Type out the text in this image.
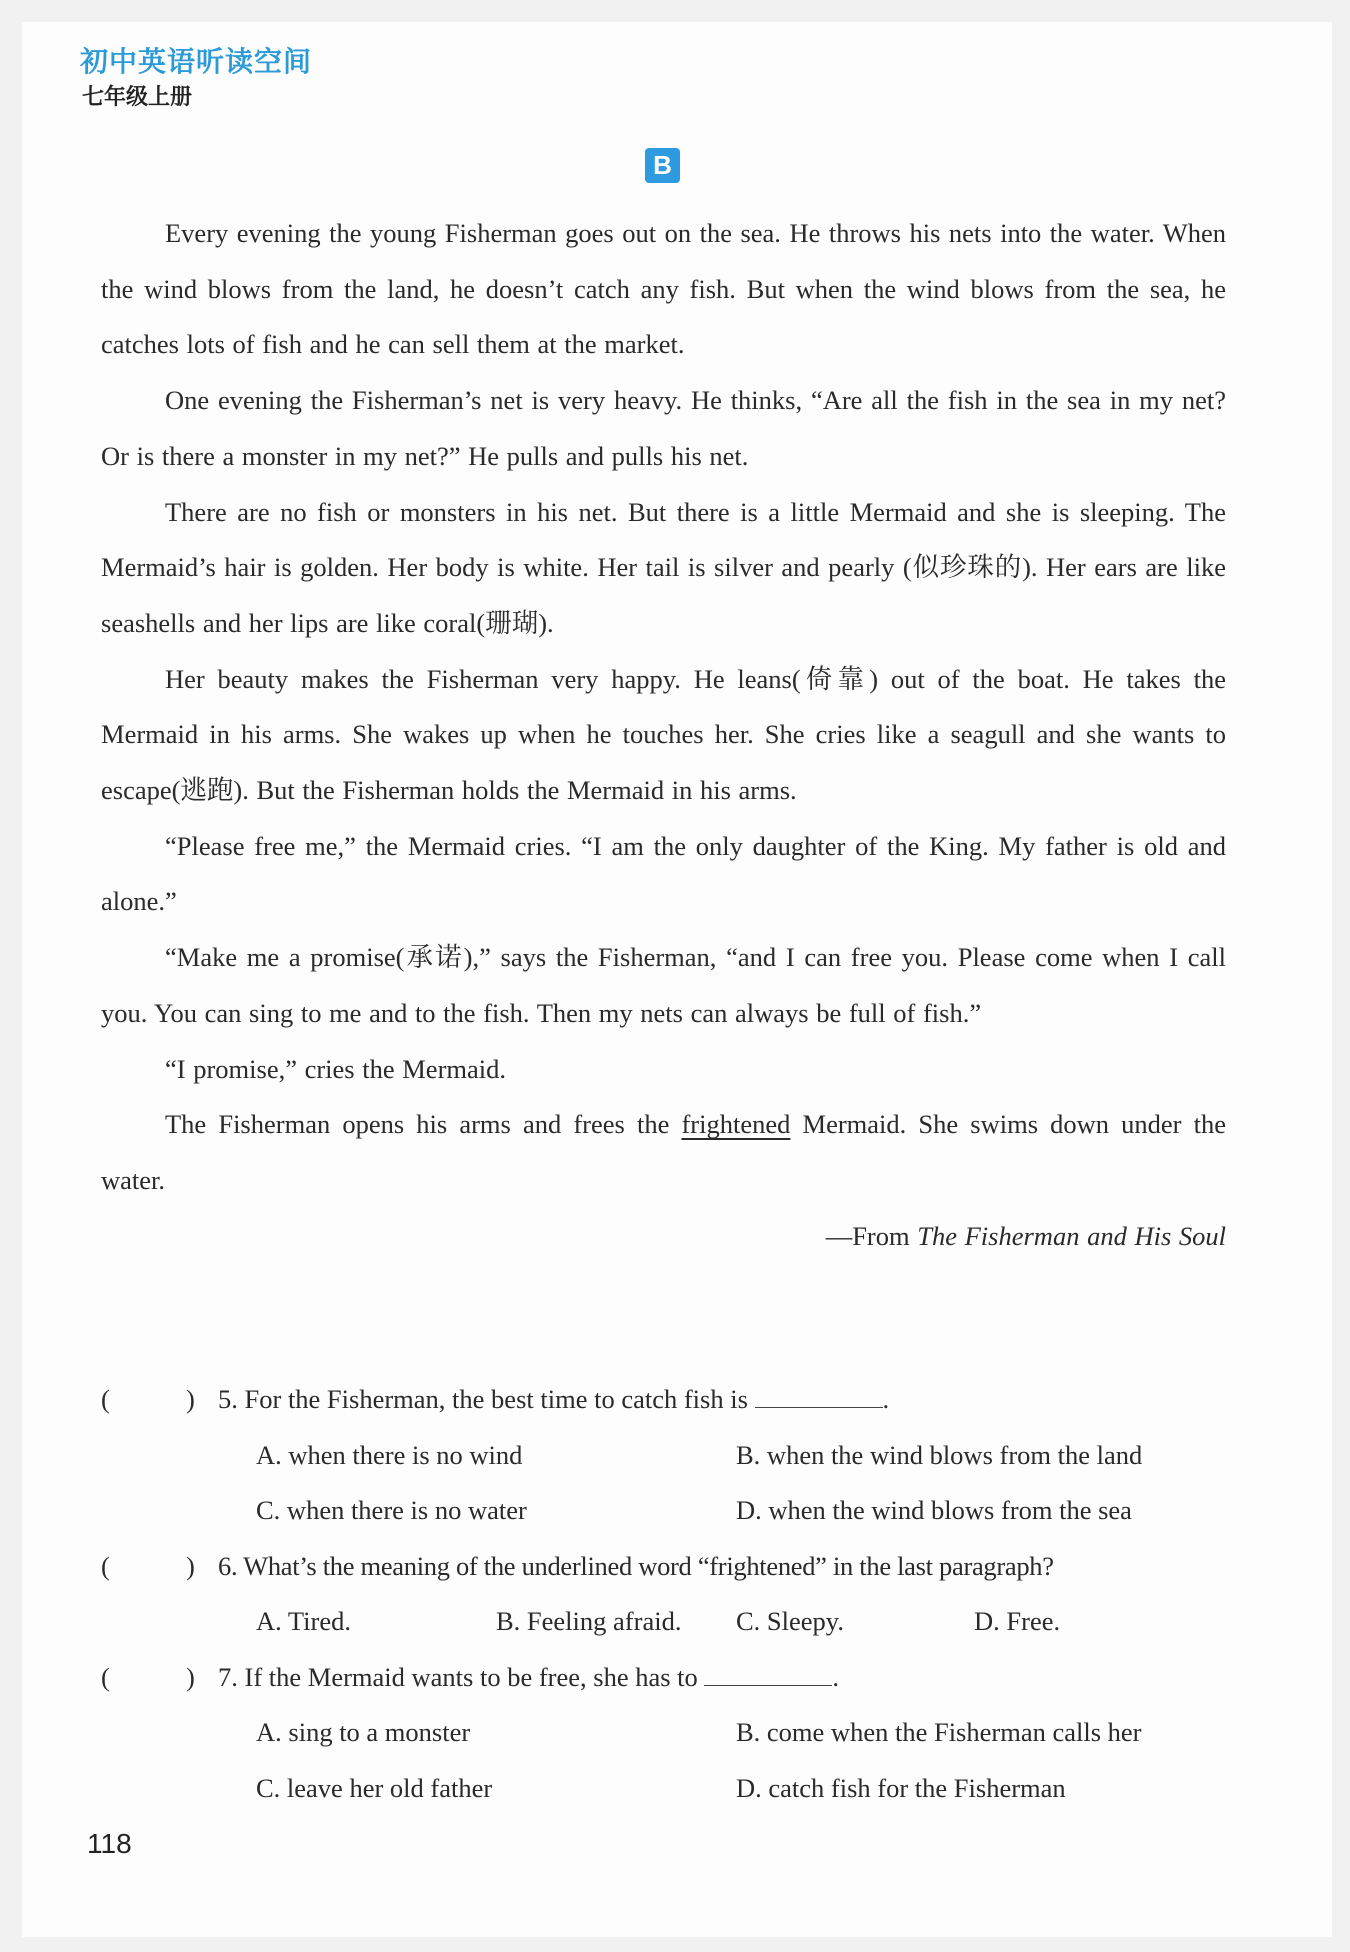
初中英语听读空间
七年级上册
B

Every evening the young Fisherman goes out on the sea. He throws his nets into the water. When the wind blows from the land, he doesn’t catch any fish. But when the wind blows from the sea, he catches lots of fish and he can sell them at the market.

One evening the Fisherman’s net is very heavy. He thinks, “Are all the fish in the sea in my net? Or is there a monster in my net?” He pulls and pulls his net.

There are no fish or monsters in his net. But there is a little Mermaid and she is sleeping. The Mermaid’s hair is golden. Her body is white. Her tail is silver and pearly (似珍珠的). Her ears are like seashells and her lips are like coral(珊瑚).

Her beauty makes the Fisherman very happy. He leans(倚靠) out of the boat. He takes the Mermaid in his arms. She wakes up when he touches her. She cries like a seagull and she wants to escape(逃跑). But the Fisherman holds the Mermaid in his arms.

“Please free me,” the Mermaid cries. “I am the only daughter of the King. My father is old and alone.”

“Make me a promise(承诺),” says the Fisherman, “and I can free you. Please come when I call you. You can sing to me and to the fish. Then my nets can always be full of fish.”

“I promise,” cries the Mermaid.

The Fisherman opens his arms and frees the frightened Mermaid. She swims down under the water.

—From The Fisherman and His Soul

(	) 5. For the Fisherman, the best time to catch fish is	.
A. when there is no wind	B. when the wind blows from the land
C. when there is no water	D. when the wind blows from the sea
(	) 6. What’s the meaning of the underlined word “frightened” in the last paragraph?
A. Tired.	B. Feeling afraid. C. Sleepy.	D. Free.
(	) 7. If the Mermaid wants to be free, she has to	.
A. sing to a monster	B. come when the Fisherman calls her
C. leave her old father	D. catch fish for the Fisherman
118
